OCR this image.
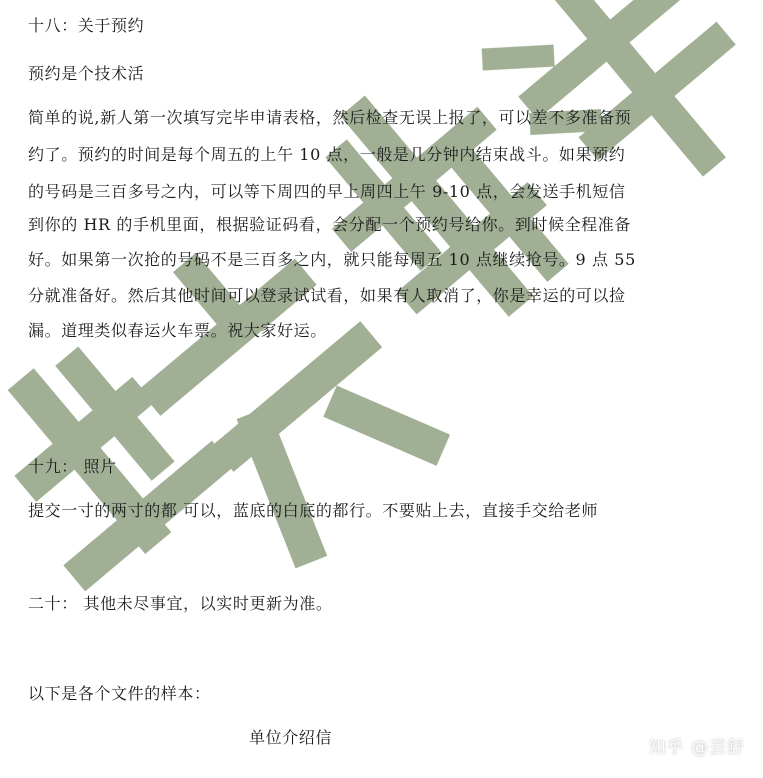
十八：关于预约
预约是个技术活
简单的说,新人第一次填写完毕申请表格，然后检查无误上报了，可以差不多准备预
约了。预约的时间是每个周五的上午 10 点，一般是几分钟内结束战斗。如果预约
的号码是三百多号之内，可以等下周四的早上周四上午 9-10 点，会发送手机短信
到你的 HR 的手机里面，根据验证码看，会分配一个预约号给你。到时候全程准备
好。如果第一次抢的号码不是三百多之内，就只能每周五 10 点继续抢号。9 点 55
分就准备好。然后其他时间可以登录试试看，如果有人取消了，你是幸运的可以捡
漏。道理类似春运火车票。祝大家好运。
十九： 照片
提交一寸的两寸的都 可以，蓝底的白底的都行。不要贴上去，直接手交给老师
二十： 其他未尽事宜，以实时更新为准。
以下是各个文件的样本：
单位介绍信
知乎 @芸舒
